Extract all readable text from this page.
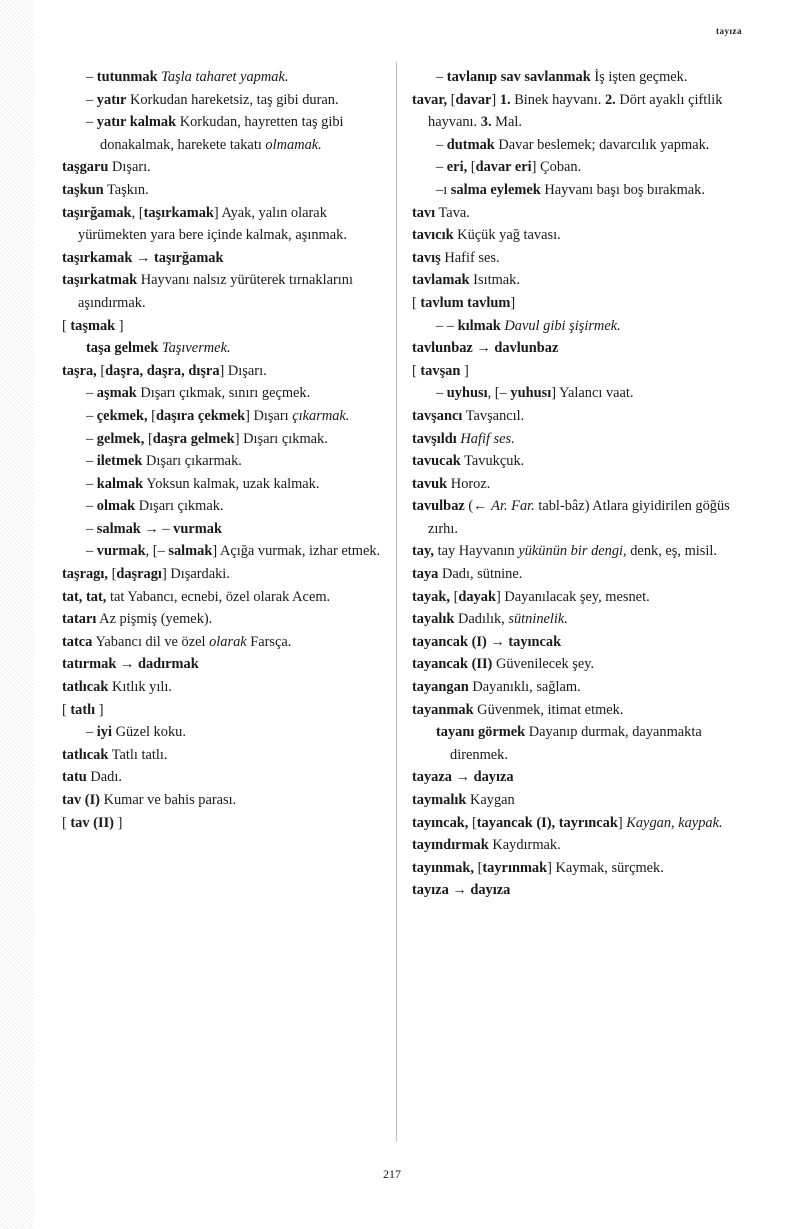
tayıza
– tutunmak Taşla taharet yapmak.
– yatır Korkudan hareketsiz, taş gibi duran.
– yatır kalmak Korkudan, hayretten taş gibi donakalmak, harekete takatı olmamak.
taşgaru Dışarı.
taşkun Taşkın.
taşırğamak, [taşırkamak] Ayak, yalın olarak yürümekten yara bere içinde kalmak, aşınmak.
taşırkamak → taşırğamak
taşırkatmak Hayvanı nalsız yürüterek tırnaklarını aşındırmak.
[ taşmak ]
taşa gelmek Taşıvermek.
taşra, [daşra, daşra, dışra] Dışarı.
– aşmak Dışarı çıkmak, sınırı geçmek.
– çekmek, [daşıra çekmek] Dışarı çıkarmak.
– gelmek, [daşra gelmek] Dışarı çıkmak.
– iletmek Dışarı çıkarmak.
– kalmak Yoksun kalmak, uzak kalmak.
– olmak Dışarı çıkmak.
– salmak → – vurmak
– vurmak, [– salmak] Açığa vurmak, izhar etmek.
taşragı, [daşragı] Dışardaki.
tat, tat, tat Yabancı, ecnebi, özel olarak Acem.
tatarı Az pişmiş (yemek).
tatca Yabancı dil ve özel olarak Farsça.
tatırmak → dadırmak
tatlıcak Kıtlık yılı.
[ tatlı ]
– iyi Güzel koku.
tatlıcak Tatlı tatlı.
tatu Dadı.
tav (I) Kumar ve bahis parası.
[ tav (II) ]
– tavlanıp sav savlanmak İş işten geçmek.
tavar, [davar] 1. Binek hayvanı. 2. Dört ayaklı çiftlik hayvanı. 3. Mal.
– dutmak Davar beslemek; davarcılık yapmak.
– eri, [davar eri] Çoban.
–ı salma eylemek Hayvanı başı boş bırakmak.
tavı Tava.
tavıcık Küçük yağ tavası.
tavış Hafif ses.
tavlamak Isıtmak.
[ tavlum tavlum]
– – kılmak Davul gibi şişirmek.
tavlunbaz → davlunbaz
[ tavşan ]
– uyhusı, [– yuhusı] Yalancı vaat.
tavşancı Tavşancıl.
tavşıldı Hafif ses.
tavucak Tavukçuk.
tavuk Horoz.
tavulbaz (← Ar. Far. tabl-bâz) Atlara giyidirilen göğüs zırhı.
tay, tay Hayvanın yükünün bir dengi, denk, eş, misil.
taya Dadı, sütnine.
tayak, [dayak] Dayanılacak şey, mesnet.
tayalık Dadılık, sütninelik.
tayancak (I) → tayıncak
tayancak (II) Güvenilecek şey.
tayangan Dayanıklı, sağlam.
tayanmak Güvenmek, itimat etmek.
tayanı görmek Dayanıp durmak, dayanmakta direnmek.
tayaza → dayıza
taymalık Kaygan
tayıncak, [tayancak (I), tayrıncak] Kaygan, kaypak.
tayındırmak Kaydırmak.
tayınmak, [tayrınmak] Kaymak, sürçmek.
tayıza → dayıza
217
